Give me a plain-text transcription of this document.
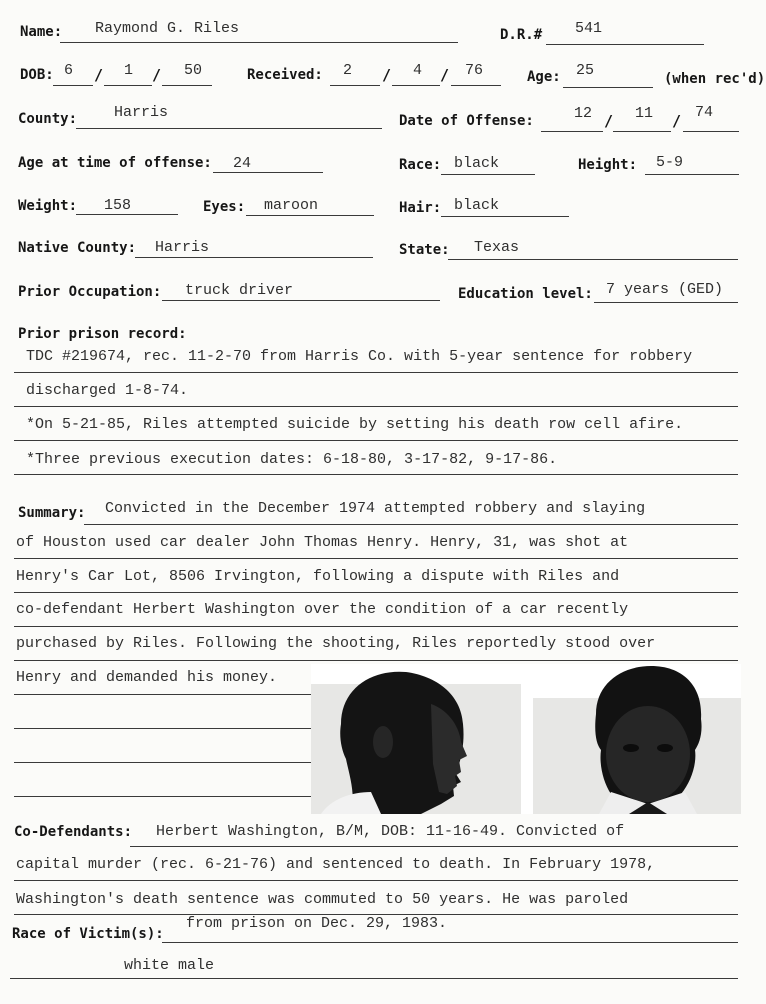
Name: Raymond G. Riles	D.R.# 541
DOB: 6 / 1 / 50	Received: 2 / 4 / 76	Age: 25	(when rec'd)
County: Harris	Date of Offense:	12 / 11 / 74
Age at time of offense: 24	Race: black	Height: 5-9
Weight: 158	Eyes: maroon	Hair: black
Native County: Harris	State: Texas
Prior Occupation: truck driver	Education level: 7 years (GED)
Prior prison record:
TDC #219674, rec. 11-2-70 from Harris Co. with 5-year sentence for robbery
discharged 1-8-74.
*On 5-21-85, Riles attempted suicide by setting his death row cell afire.
*Three previous execution dates: 6-18-80, 3-17-82, 9-17-86.
Summary: Convicted in the December 1974 attempted robbery and slaying
of Houston used car dealer John Thomas Henry. Henry, 31, was shot at
Henry's Car Lot, 8506 Irvington, following a dispute with Riles and
co-defendant Herbert Washington over the condition of a car recently
purchased by Riles. Following the shooting, Riles reportedly stood over
Henry and demanded his money.
Co-Defendants: Herbert Washington, B/M, DOB: 11-16-49. Convicted of
capital murder (rec. 6-21-76) and sentenced to death. In February 1978,
Washington's death sentence was commuted to 50 years. He was paroled
from prison on Dec. 29, 1983.
Race of Victim(s):
white male
